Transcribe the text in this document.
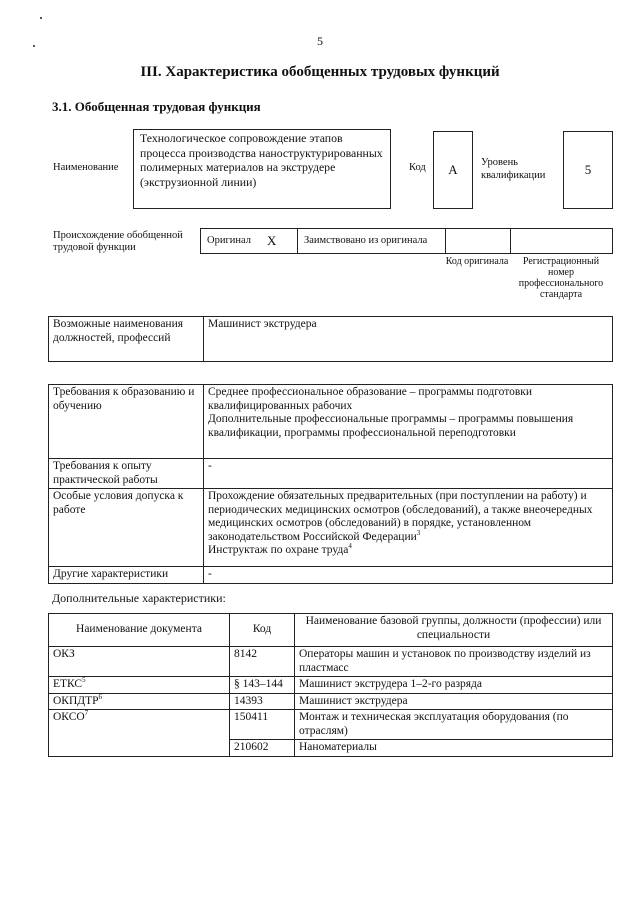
5
III. Характеристика обобщенных трудовых функций
3.1. Обобщенная трудовая функция
Наименование
Технологическое сопровождение этапов процесса производства наноструктурированных полимерных материалов на экструдере (экструзионной линии)
Код	А	Уровень квалификации	5
Происхождение обобщенной трудовой функции
Оригинал Х	Заимствовано из оригинала
Код оригинала	Регистрационный номер профессионального стандарта
Возможные наименования должностей, профессий	Машинист экструдера
Требования к образованию и обучению	Среднее профессиональное образование – программы подготовки квалифицированных рабочих
Дополнительные профессиональные программы – программы повышения квалификации, программы профессиональной переподготовки
Требования к опыту практической работы	-
Особые условия допуска к работе	Прохождение обязательных предварительных (при поступлении на работу) и периодических медицинских осмотров (обследований), а также внеочередных медицинских осмотров (обследований) в порядке, установленном законодательством Российской Федерации$^3$
Инструктаж по охране труда$^4$
Другие характеристики	-
Дополнительные характеристики:
Наименование документа	Код	Наименование базовой группы, должности (профессии) или специальности
ОКЗ	8142	Операторы машин и установок по производству изделий из пластмасс
ЕТКС$^5$	§ 143–144	Машинист экструдера 1–2-го разряда
ОКПДТР$^6$	14393	Машинист экструдера
ОКСО$^7$	150411	Монтаж и техническая эксплуатация оборудования (по отраслям)
	210602	Наноматериалы
